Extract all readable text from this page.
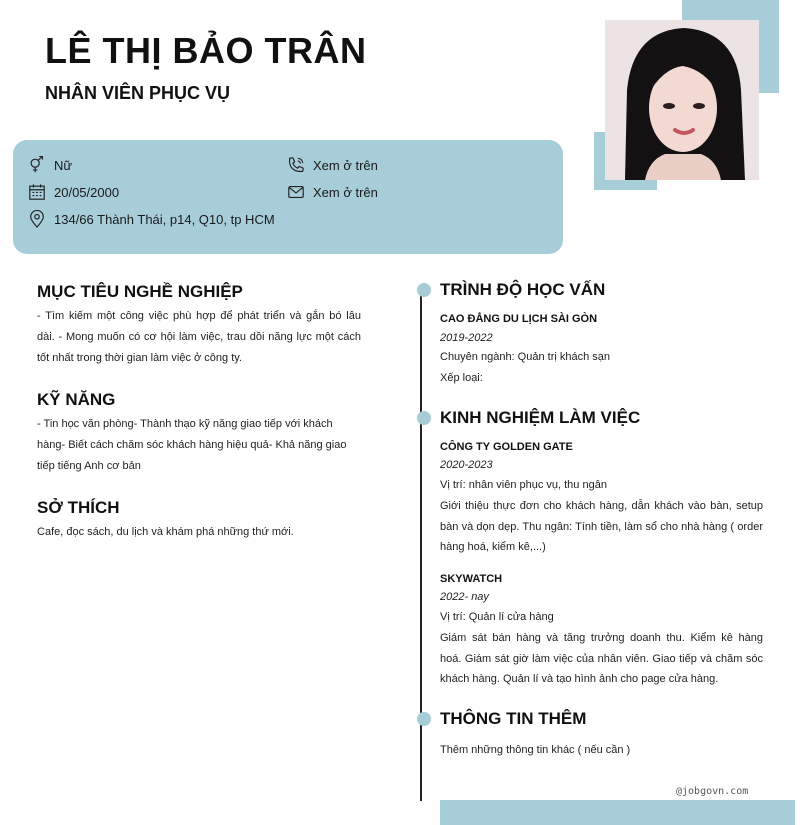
LÊ THỊ BẢO TRÂN
NHÂN VIÊN PHỤC VỤ
Nữ
20/05/2000
134/66 Thành Thái, p14, Q10, tp HCM
Xem ở trên
Xem ở trên
MỤC TIÊU NGHỀ NGHIỆP
- Tìm kiếm một công việc phù hợp để phát triển và gắn bó lâu
dài. - Mong muốn có cơ hội làm việc, trau dồi năng lực một cách
tốt nhất trong thời gian làm việc ở công ty.
KỸ NĂNG
- Tin học văn phòng- Thành thạo kỹ năng giao tiếp với khách
hàng- Biết cách chăm sóc khách hàng hiệu quả- Khả năng giao
tiếp tiếng Anh cơ bản
SỞ THÍCH
Cafe, đọc sách, du lịch và khám phá những thứ mới.
TRÌNH ĐỘ HỌC VẤN
CAO ĐẲNG DU LỊCH SÀI GÒN
2019-2022
Chuyên ngành: Quản trị khách sạn
Xếp loại:
KINH NGHIỆM LÀM VIỆC
CÔNG TY GOLDEN GATE
2020-2023
Vị trí: nhân viên phục vụ, thu ngân
Giới thiệu thực đơn cho khách hàng, dẫn khách vào bàn, setup
bàn và dọn dẹp. Thu ngân: Tính tiền, làm sổ cho nhà hàng ( order
hàng hoá, kiểm kê,...)
SKYWATCH
2022- nay
Vị trí: Quản lí cửa hàng
Giám sát bán hàng và tăng trưởng doanh thu. Kiểm kê hàng
hoá. Giám sát giờ làm việc của nhân viên. Giao tiếp và chăm sóc
khách hàng. Quản lí và tạo hình ảnh cho page cửa hàng.
THÔNG TIN THÊM
Thêm những thông tin khác ( nếu cần )
@jobgovn.com
